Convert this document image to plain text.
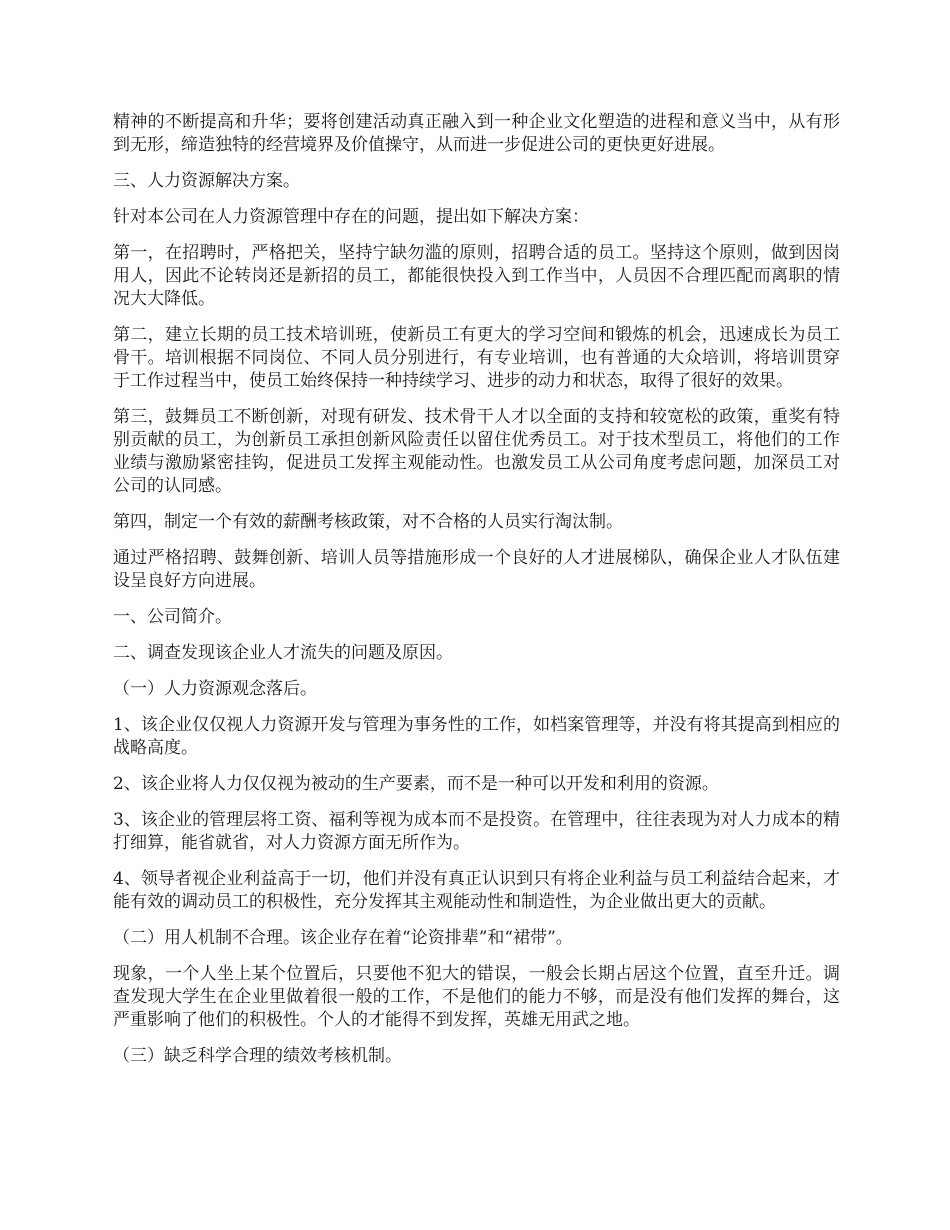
精神的不断提高和升华；要将创建活动真正融入到一种企业文化塑造的进程和意义当中，从有形到无形，缔造独特的经营境界及价值操守，从而进一步促进公司的更快更好进展。

三、人力资源解决方案。

针对本公司在人力资源管理中存在的问题，提出如下解决方案：

第一，在招聘时，严格把关，坚持宁缺勿滥的原则，招聘合适的员工。坚持这个原则，做到因岗用人，因此不论转岗还是新招的员工，都能很快投入到工作当中，人员因不合理匹配而离职的情况大大降低。

第二，建立长期的员工技术培训班，使新员工有更大的学习空间和锻炼的机会，迅速成长为员工骨干。培训根据不同岗位、不同人员分别进行，有专业培训，也有普通的大众培训，将培训贯穿于工作过程当中，使员工始终保持一种持续学习、进步的动力和状态，取得了很好的效果。

第三，鼓舞员工不断创新，对现有研发、技术骨干人才以全面的支持和较宽松的政策，重奖有特别贡献的员工，为创新员工承担创新风险责任以留住优秀员工。对于技术型员工，将他们的工作业绩与激励紧密挂钩，促进员工发挥主观能动性。也激发员工从公司角度考虑问题，加深员工对公司的认同感。

第四，制定一个有效的薪酬考核政策，对不合格的人员实行淘汰制。

通过严格招聘、鼓舞创新、培训人员等措施形成一个良好的人才进展梯队，确保企业人才队伍建设呈良好方向进展。

一、公司简介。

二、调查发现该企业人才流失的问题及原因。

（一）人力资源观念落后。

1、该企业仅仅视人力资源开发与管理为事务性的工作，如档案管理等，并没有将其提高到相应的战略高度。

2、该企业将人力仅仅视为被动的生产要素，而不是一种可以开发和利用的资源。

3、该企业的管理层将工资、福利等视为成本而不是投资。在管理中，往往表现为对人力成本的精打细算，能省就省，对人力资源方面无所作为。

4、领导者视企业利益高于一切，他们并没有真正认识到只有将企业利益与员工利益结合起来，才能有效的调动员工的积极性，充分发挥其主观能动性和制造性，为企业做出更大的贡献。

（二）用人机制不合理。该企业存在着“论资排辈”和“裙带”。

现象，一个人坐上某个位置后，只要他不犯大的错误，一般会长期占居这个位置，直至升迁。调查发现大学生在企业里做着很一般的工作，不是他们的能力不够，而是没有他们发挥的舞台，这严重影响了他们的积极性。个人的才能得不到发挥，英雄无用武之地。

（三）缺乏科学合理的绩效考核机制。
